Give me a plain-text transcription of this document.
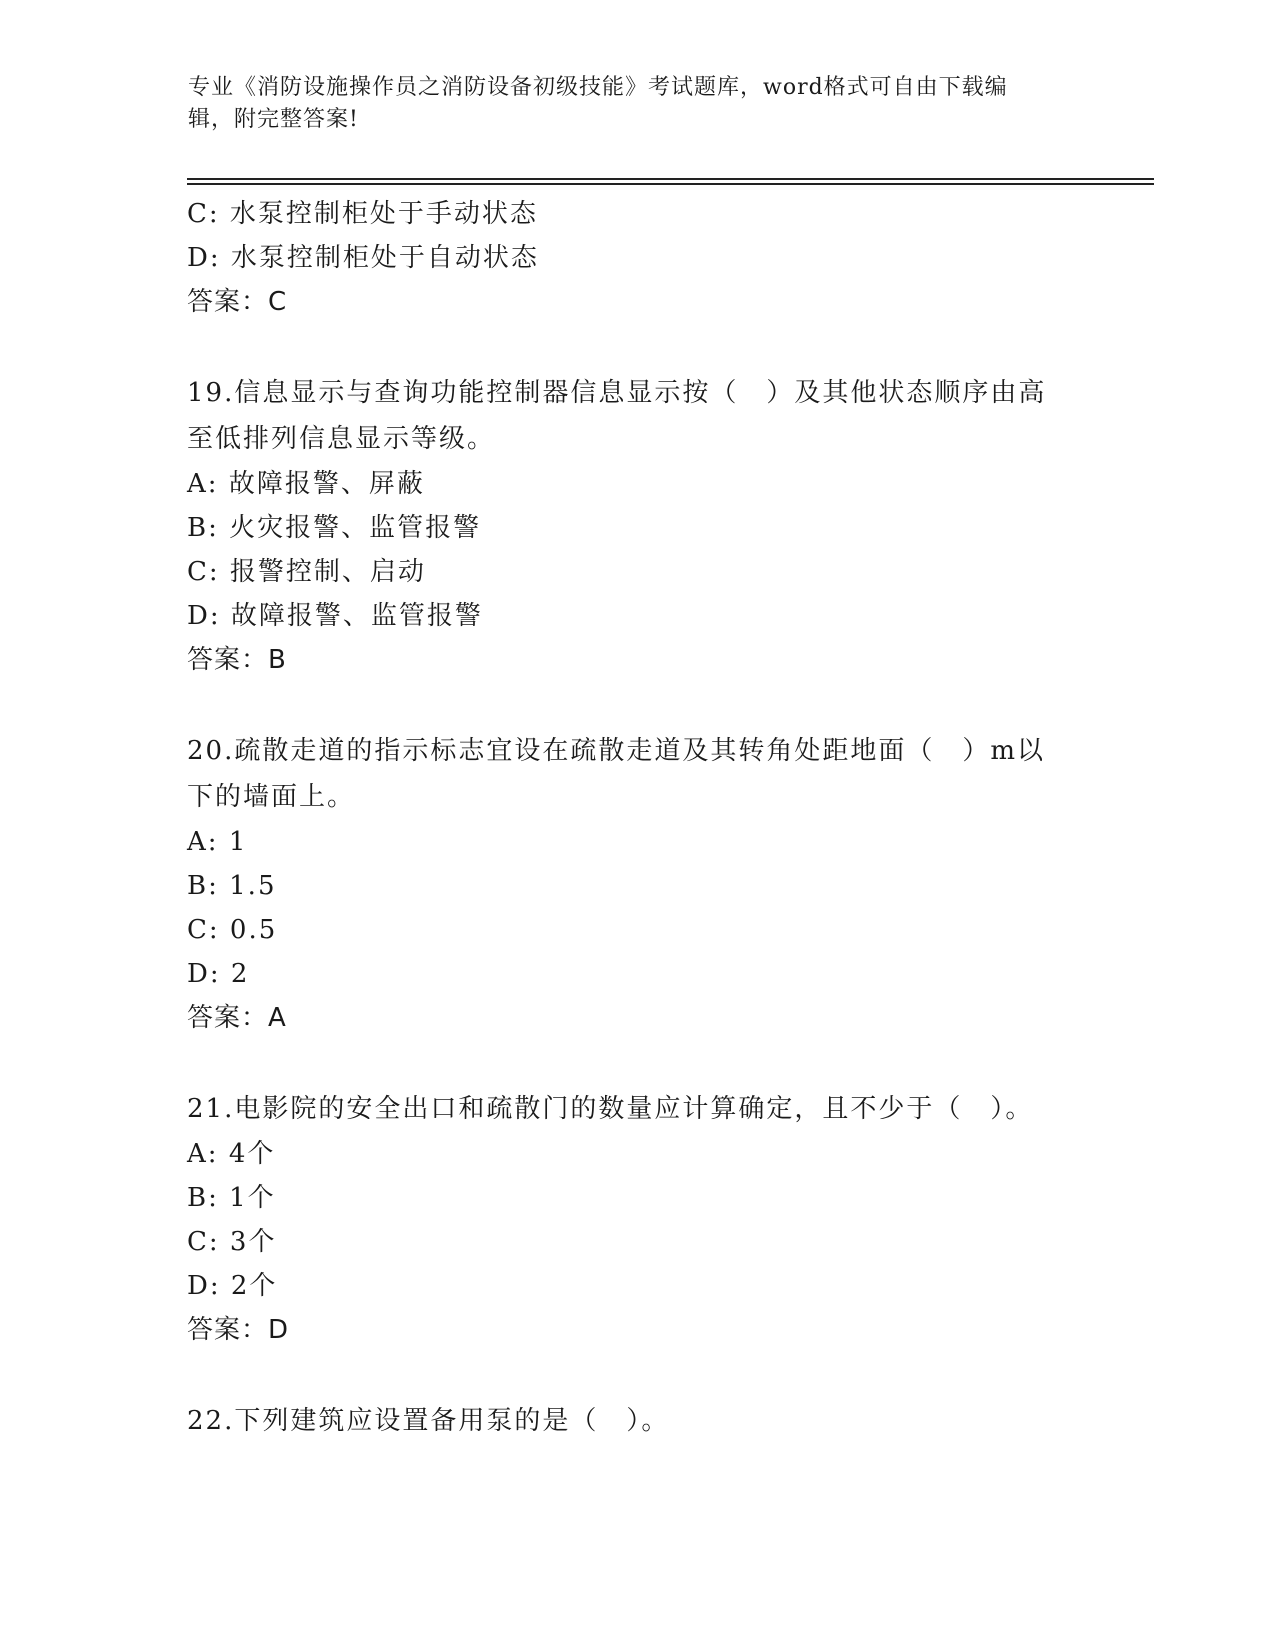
专业《消防设施操作员之消防设备初级技能》考试题库，word格式可自由下载编
辑，附完整答案!
C: 水泵控制柜处于手动状态
D: 水泵控制柜处于自动状态
答案：C
19.信息显示与查询功能控制器信息显示按（　）及其他状态顺序由高
至低排列信息显示等级。
A: 故障报警、屏蔽
B: 火灾报警、监管报警
C: 报警控制、启动
D: 故障报警、监管报警
答案：B
20.疏散走道的指示标志宜设在疏散走道及其转角处距地面（　）m以
下的墙面上。
A: 1
B: 1.5
C: 0.5
D: 2
答案：A
21.电影院的安全出口和疏散门的数量应计算确定，且不少于（　）。
A: 4个
B: 1个
C: 3个
D: 2个
答案：D
22.下列建筑应设置备用泵的是（　）。
